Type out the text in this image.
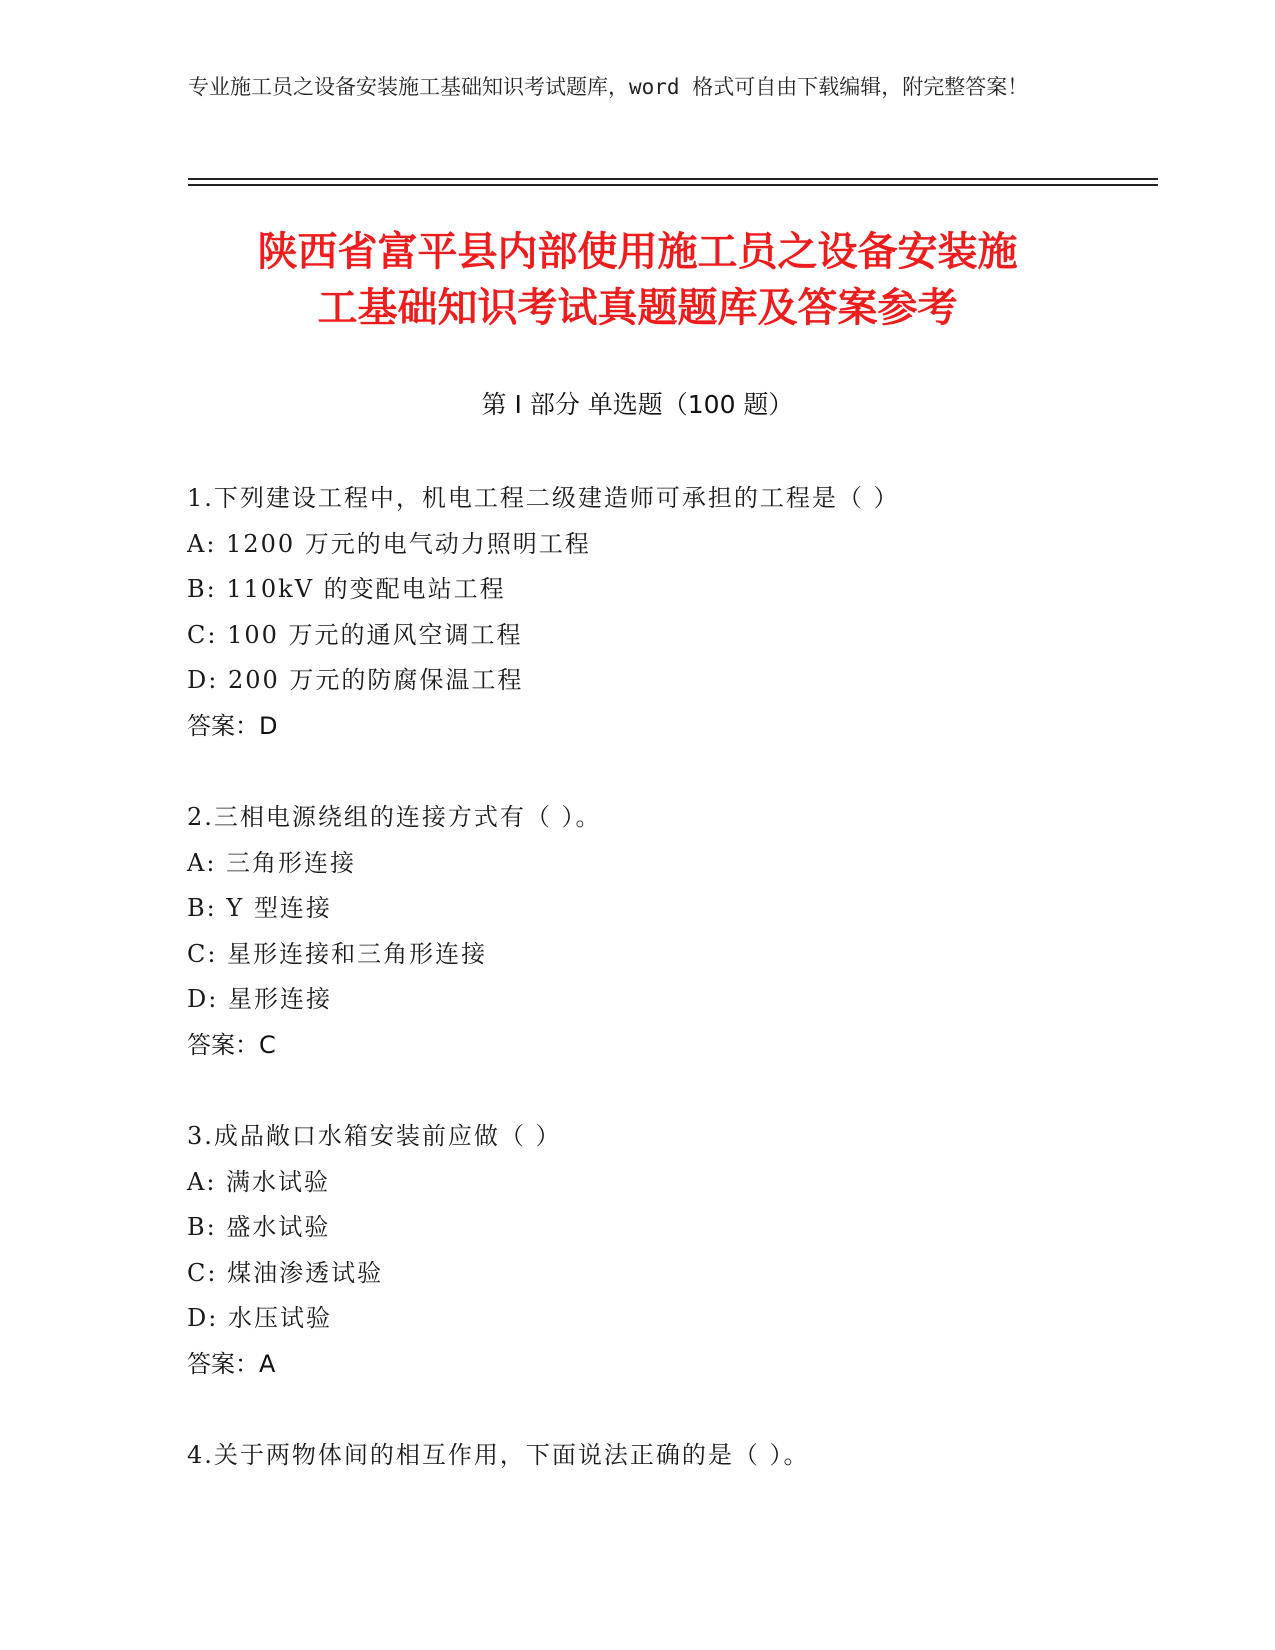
专业施工员之设备安装施工基础知识考试题库，word 格式可自由下载编辑，附完整答案！
陕西省富平县内部使用施工员之设备安装施
工基础知识考试真题题库及答案参考
第 I 部分 单选题（100 题）
1.下列建设工程中，机电工程二级建造师可承担的工程是（ ）
A: 1200 万元的电气动力照明工程
B: 110kV 的变配电站工程
C: 100 万元的通风空调工程
D: 200 万元的防腐保温工程
答案：D
2.三相电源绕组的连接方式有（ ）。
A: 三角形连接
B: Y 型连接
C: 星形连接和三角形连接
D: 星形连接
答案：C
3.成品敞口水箱安装前应做（ ）
A: 满水试验
B: 盛水试验
C: 煤油渗透试验
D: 水压试验
答案：A
4.关于两物体间的相互作用，下面说法正确的是（ ）。
